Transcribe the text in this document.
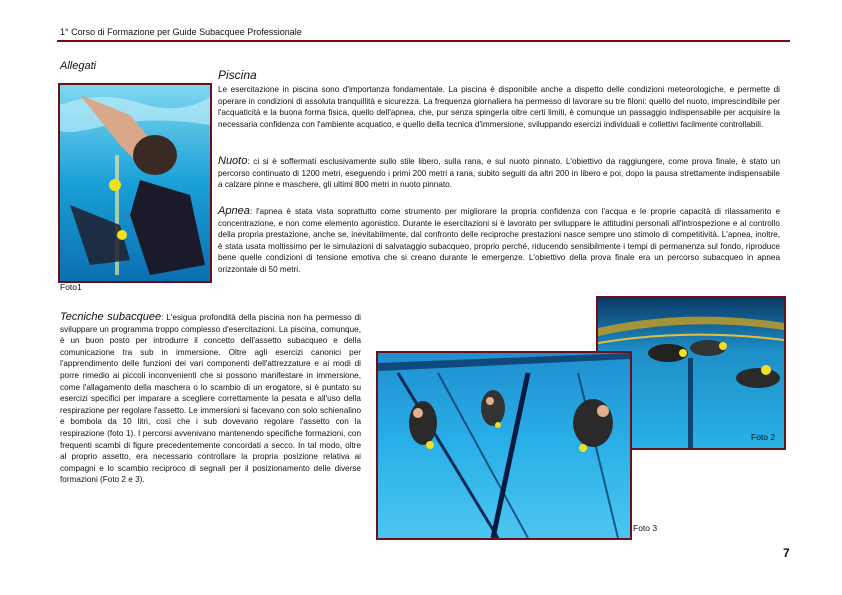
1° Corso di Formazione per Guide Subacquee Professionale
Allegati
Foto1
Piscina
Le esercitazione in piscina sono d'importanza fondamentale. La piscina è disponibile anche a dispetto delle condizioni meteorologiche, e permette di operare in condizioni di assoluta tranquillità e sicurezza. La frequenza giornaliera ha permesso di lavorare su tre filoni: quello del nuoto, imprescindibile per l'acquaticità e la buona forma fisica, quello dell'apnea, che, pur senza spingerla oltre certi limiti, è comunque un passaggio indispensabile per acquisire la necessaria confidenza con l'ambiente acquatico, e quello della tecnica d'immersione, sviluppando esercizi individuali e collettivi facilmente controllabili.
Nuoto: ci si è soffermati esclusivamente sullo stile libero, sulla rana, e sul nuoto pinnato. L'obiettivo da raggiungere, come prova finale, è stato un percorso continuato di 1200 metri, eseguendo i primi 200 metri a rana, subito seguiti da altri 200 in libero e poi, dopo la pausa strettamente indispensabile a calzare pinne e maschere, gli ultimi 800 metri in nuoto pinnato.
Apnea: l'apnea è stata vista soprattutto come strumento per migliorare la propria confidenza con l'acqua e le proprie capacità di rilassamento e concentrazione, e non come elemento agonistico. Durante le esercitazioni si è lavorato per sviluppare le attitudini personali all'introspezione e al controllo della propria prestazione, anche se, inevitabilmente, dal confronto delle reciproche prestazioni nasce sempre uno stimolo di competitività. L'apnea, inoltre, è stata usata moltissimo per le simulazioni di salvataggio subacqueo, proprio perché, riducendo sensibilmente i tempi di permanenza sul fondo, riproduce bene quelle condizioni di tensione emotiva che si creano durante le emergenze. L'obiettivo della prova finale era un percorso subacqueo in apnea orizzontale di 50 metri.
Tecniche subacquee: L'esigua profondità della piscina non ha permesso di sviluppare un programma troppo complesso d'esercitazioni. La piscina, comunque, è un buon posto per introdurre il concetto dell'assetto subacqueo e della comunicazione tra sub in immersione. Oltre agli esercizi canonici per l'apprendimento delle funzioni dei vari componenti dell'attrezzature e ai modi di porre rimedio ai piccoli inconvenienti che si possono manifestare in immersione, come l'allagamento della maschera o lo scambio di un erogatore, si è puntato su esercizi specifici per imparare a scegliere correttamente la pesata e all'uso della respirazione per regolare l'assetto. Le immersioni si facevano con solo schienalino e bombola da 10 litri, così che i sub dovevano regolare l'assetto con la respirazione (foto 1). I percorsi avvenivano mantenendo specifiche formazioni, con frequenti scambi di figure precedentemente concordati a secco. In tal modo, oltre al proprio assetto, era necessario controllare la propria posizione relativa ai compagni e lo scambio reciproco di segnali per il posizionamento delle diverse formazioni (Foto 2 e 3).
Foto 2
Foto 3
7
